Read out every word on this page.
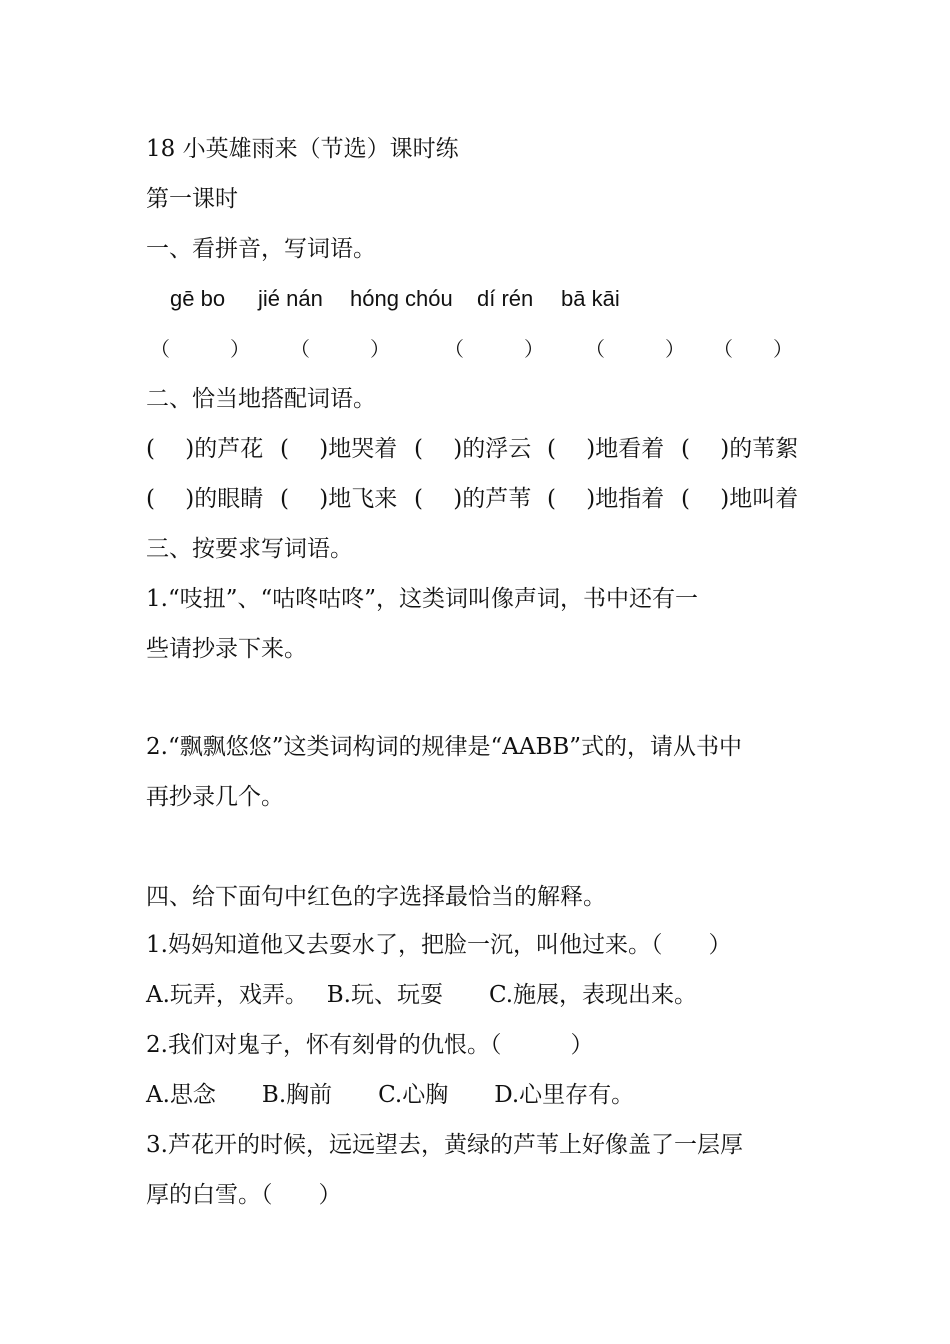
18 小英雄雨来（节选）课时练
第一课时
一、看拼音，写词语。
gē bo jié nán hóng chóu dí rén bā kāi
（　　　） （　　　）	（　　　） （　　　） （　　）
二、恰当地搭配词语。
(　 )的芦花 (　 )地哭着 (　 )的浮云 (　 )地看着 (　 )的苇絮
(　 )的眼睛 (　 )地飞来 (　 )的芦苇 (　 )地指着 (　 )地叫着
三、按要求写词语。
1.“吱扭”、“咕咚咕咚”，这类词叫像声词，书中还有一
些请抄录下来。
2.“飘飘悠悠”这类词构词的规律是“AABB”式的，请从书中
再抄录几个。
四、给下面句中红色的字选择最恰当的解释。
1.妈妈知道他又去耍水了，把脸一沉，叫他过来。（　　）
A.玩弄，戏弄。　 B.玩、玩耍　　C.施展，表现出来。
2.我们对鬼子，怀有刻骨的仇恨。（　　　）
A.思念　　B.胸前　　C.心胸　　D.心里存有。
3.芦花开的时候，远远望去，黄绿的芦苇上好像盖了一层厚
厚的白雪。（　　）
